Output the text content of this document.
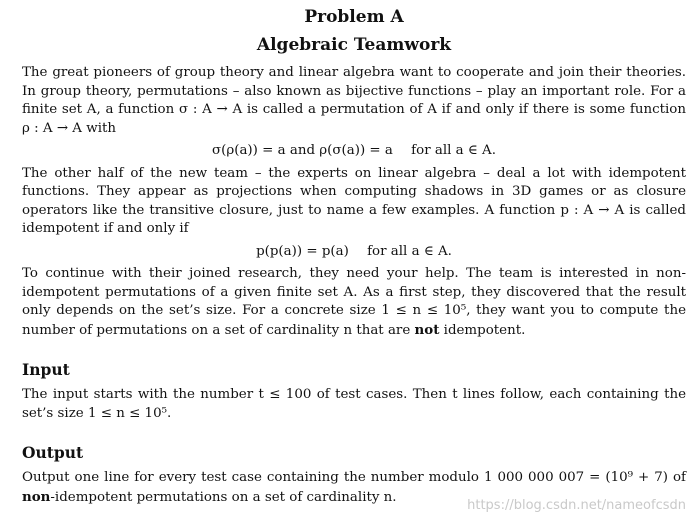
Problem A
Algebraic Teamwork

The great pioneers of group theory and linear algebra want to cooperate and join their theories. In group theory, permutations – also known as bijective functions – play an important role. For a finite set A, a function σ : A → A is called a permutation of A if and only if there is some function ρ : A → A with

σ(ρ(a)) = a and ρ(σ(a)) = a for all a ∈ A.

The other half of the new team – the experts on linear algebra – deal a lot with idempotent functions. They appear as projections when computing shadows in 3D games or as closure operators like the transitive closure, just to name a few examples. A function p : A → A is called idempotent if and only if

p(p(a)) = p(a) for all a ∈ A.

To continue with their joined research, they need your help. The team is interested in non-idempotent permutations of a given finite set A. As a first step, they discovered that the result only depends on the set’s size. For a concrete size 1 ≤ n ≤ 10⁵, they want you to compute the number of permutations on a set of cardinality n that are not idempotent.

Input

The input starts with the number t ≤ 100 of test cases. Then t lines follow, each containing the set’s size 1 ≤ n ≤ 10⁵.

Output

Output one line for every test case containing the number modulo 1 000 000 007 = (10⁹ + 7) of non-idempotent permutations on a set of cardinality n.

https://blog.csdn.net/nameofcsdn
